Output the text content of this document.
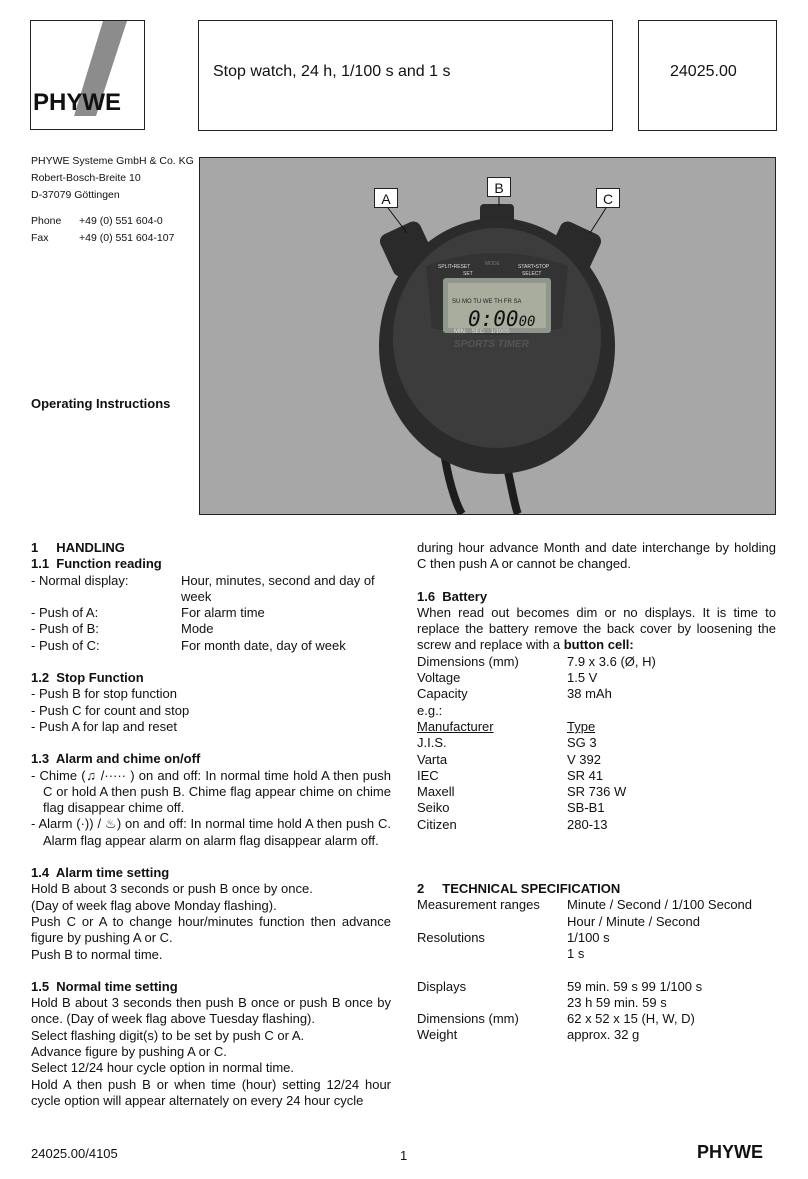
PHYWE
Stop watch, 24 h, 1/100 s and 1 s	24025.00
PHYWE Systeme GmbH & Co. KG
Robert-Bosch-Breite 10
D-37079 Göttingen
Phone	+49 (0) 551 604-0
Fax	+49 (0) 551 604-107
Operating Instructions
SU MO TU WE TH FR SA
0:0000
SPLIT•RESET
SET
MODE	START•STOP
SELECT
MIN.   SEC.   1/100S
SPORTS TIMER
A
B
C
1     HANDLING
1.1  Function reading
- Normal display:	Hour, minutes, second and day of week
- Push of A:	For alarm time
- Push of B:	Mode
- Push of C:	For month date, day of week
1.2  Stop Function
- Push B for stop function
- Push C for count and stop
- Push A for lap and reset
1.3  Alarm and chime on/off
- Chime (♫ /····· ) on and off: In normal time hold A then push C or hold A then push B. Chime flag appear chime on chime flag disappear chime off.
- Alarm (·)) / ♨) on and off: In normal time hold A then push C. Alarm flag appear alarm on alarm flag disappear alarm off.
1.4  Alarm time setting
Hold B about 3 seconds or push B once by once.
(Day of week flag above Monday flashing).
Push C or A to change hour/minutes function then advance figure by pushing A or C.
Push B to normal time.
1.5  Normal time setting
Hold B about 3 seconds then push B once or push B once by once. (Day of week flag above Tuesday flashing).
Select flashing digit(s) to be set by push C or A.
Advance figure by pushing A or C.
Select 12/24 hour cycle option in normal time.
Hold A then push B or when time (hour) setting 12/24 hour cycle option will appear alternately on every 24 hour cycle
during hour advance Month and date interchange by holding C then push A or cannot be changed.
1.6  Battery
When read out becomes dim or no displays. It is time to replace the battery remove the back cover by loosening the screw and replace with a button cell:
Dimensions (mm)	7.9 x 3.6 (Ø, H)
Voltage	1.5 V
Capacity	38 mAh
e.g.:
Manufacturer	Type
J.I.S.	SG 3
Varta	V 392
IEC	SR 41
Maxell	SR 736 W
Seiko	SB-B1
Citizen	280-13
2     TECHNICAL SPECIFICATION
Measurement ranges	Minute / Second / 1/100 Second
Hour / Minute / Second
Resolutions	1/100 s
1 s
Displays	59 min. 59 s 99 1/100 s
23 h 59 min. 59 s
Dimensions (mm)	62 x 52 x 15 (H, W, D)
Weight	approx. 32 g
24025.00/4105	1	PHYWE
